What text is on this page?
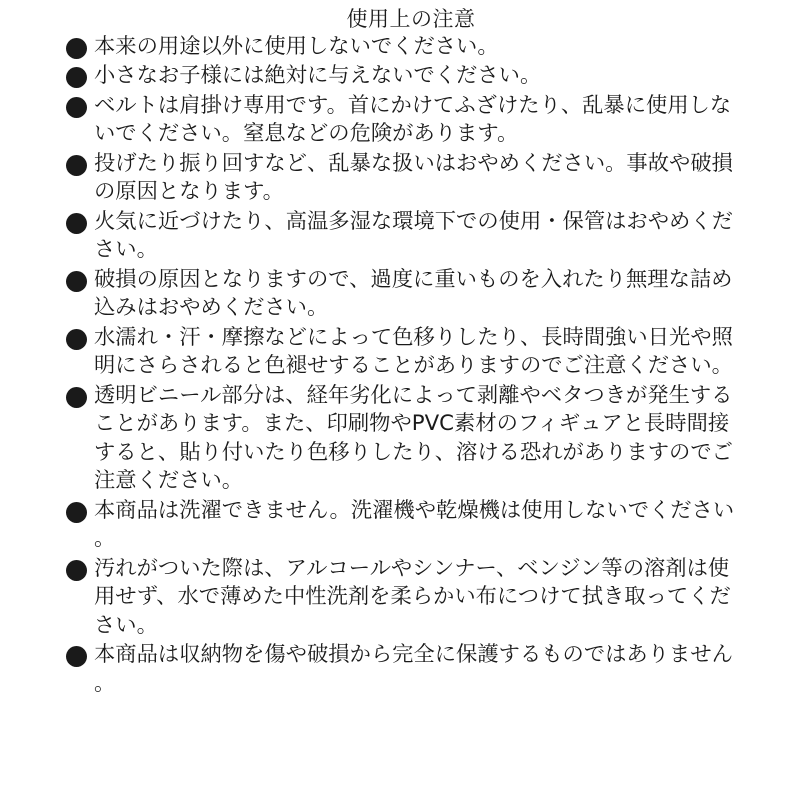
使用上の注意
本来の用途以外に使用しないでください。
小さなお子様には絶対に与えないでください。
ベルトは肩掛け専用です。首にかけてふざけたり、乱暴に使用しないでください。窒息などの危険があります。
投げたり振り回すなど、乱暴な扱いはおやめください。事故や破損の原因となります。
火気に近づけたり、高温多湿な環境下での使用・保管はおやめください。
破損の原因となりますので、過度に重いものを入れたり無理な詰め込みはおやめください。
水濡れ・汗・摩擦などによって色移りしたり、長時間強い日光や照明にさらされると色褪せすることがありますのでご注意ください。
透明ビニール部分は、経年劣化によって剥離やベタつきが発生することがあります。また、印刷物やPVC素材のフィギュアと長時間接すると、貼り付いたり色移りしたり、溶ける恐れがありますのでご注意ください。
本商品は洗濯できません。洗濯機や乾燥機は使用しないでください。
汚れがついた際は、アルコールやシンナー、ベンジン等の溶剤は使用せず、水で薄めた中性洗剤を柔らかい布につけて拭き取ってください。
本商品は収納物を傷や破損から完全に保護するものではありません。
